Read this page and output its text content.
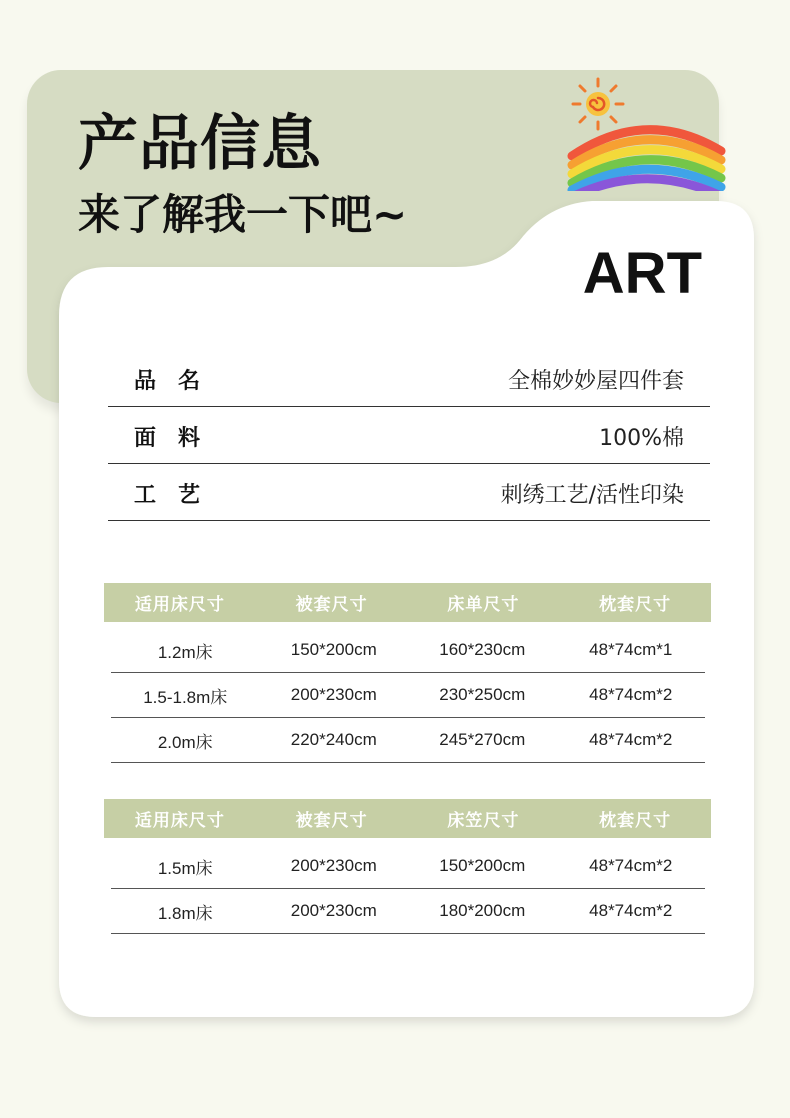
产品信息
来了解我一下吧~
ART
品名	全棉妙妙屋四件套
面料	100%棉
工艺	刺绣工艺/活性印染
适用床尺寸	被套尺寸	床单尺寸	枕套尺寸
1.2m床	150*200cm	160*230cm	48*74cm*1
1.5-1.8m床	200*230cm	230*250cm	48*74cm*2
2.0m床	220*240cm	245*270cm	48*74cm*2
适用床尺寸	被套尺寸	床笠尺寸	枕套尺寸
1.5m床	200*230cm	150*200cm	48*74cm*2
1.8m床	200*230cm	180*200cm	48*74cm*2
